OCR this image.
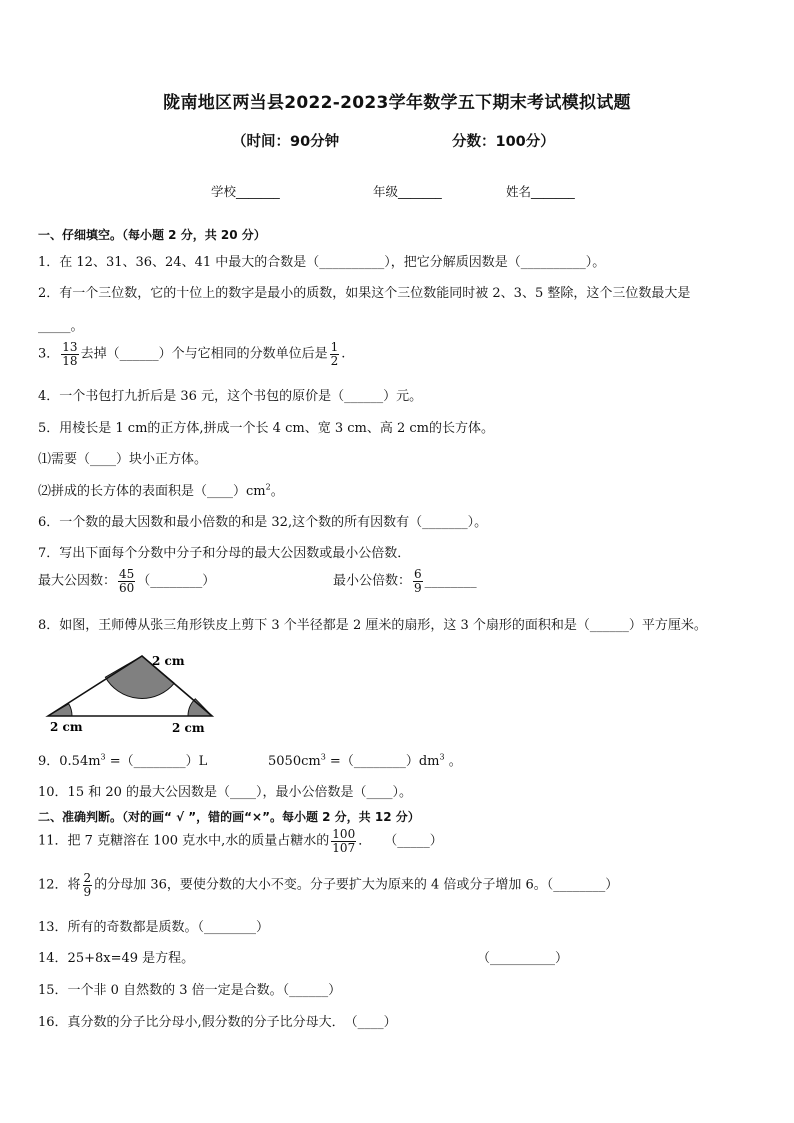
陇南地区两当县2022-2023学年数学五下期末考试模拟试题
（时间：90分钟	分数：100分）
学校_______	年级_______	姓名_______
一、仔细填空。（每小题 2 分，共 20 分）
1．在 12、31、36、24、41 中最大的合数是（__________），把它分解质因数是（__________）。
2．有一个三位数，它的十位上的数字是最小的质数，如果这个三位数能同时被 2、3、5 整除，这个三位数最大是
_____。
3． $\frac{13}{18}$ 去掉（______）个与它相同的分数单位后是 $\frac{1}{2}$ .
4．一个书包打九折后是 36 元，这个书包的原价是（______）元。
5．用棱长是 1 cm的正方体,拼成一个长 4 cm、宽 3 cm、高 2 cm的长方体。
⑴需要（____）块小正方体。
⑵拼成的长方体的表面积是$(\_\_\_\_)cm^2$。
6．一个数的最大因数和最小倍数的和是 32,这个数的所有因数有（_______）。
7．写出下面每个分数中分子和分母的最大公因数或最小公倍数．
最大公因数： $\frac{45}{60}$ （________）	最小公倍数： $\frac{6}{9}$ ________
8．如图，王师傅从张三角形铁皮上剪下 3 个半径都是 2 厘米的扇形，这 3 个扇形的面积和是（______）平方厘米。
2 cm
2 cm	2 cm
9．$0.54m^3$ =（________）L	$5050cm^3$ $=(\_\_\_\_\_\_\_\_)dm^3$ 。
10．15 和 20 的最大公因数是（____），最小公倍数是（____）。
二、准确判断。（对的画“ √ ”，错的画“×”。每小题 2 分，共 12 分）
11．把 7 克糖溶在 100 克水中,水的质量占糖水的 $\frac{100}{107}$ ．　　（_____）
12．将 $\frac{2}{9}$ 的分母加 36，要使分数的大小不变。分子要扩大为原来的 4 倍或分子增加 6。（________）
13．所有的奇数都是质数。（________）
14．25+8x=49 是方程。	（__________）
15．一个非 0 自然数的 3 倍一定是合数。（______）
16．真分数的分子比分母小,假分数的分子比分母大．　（____）
